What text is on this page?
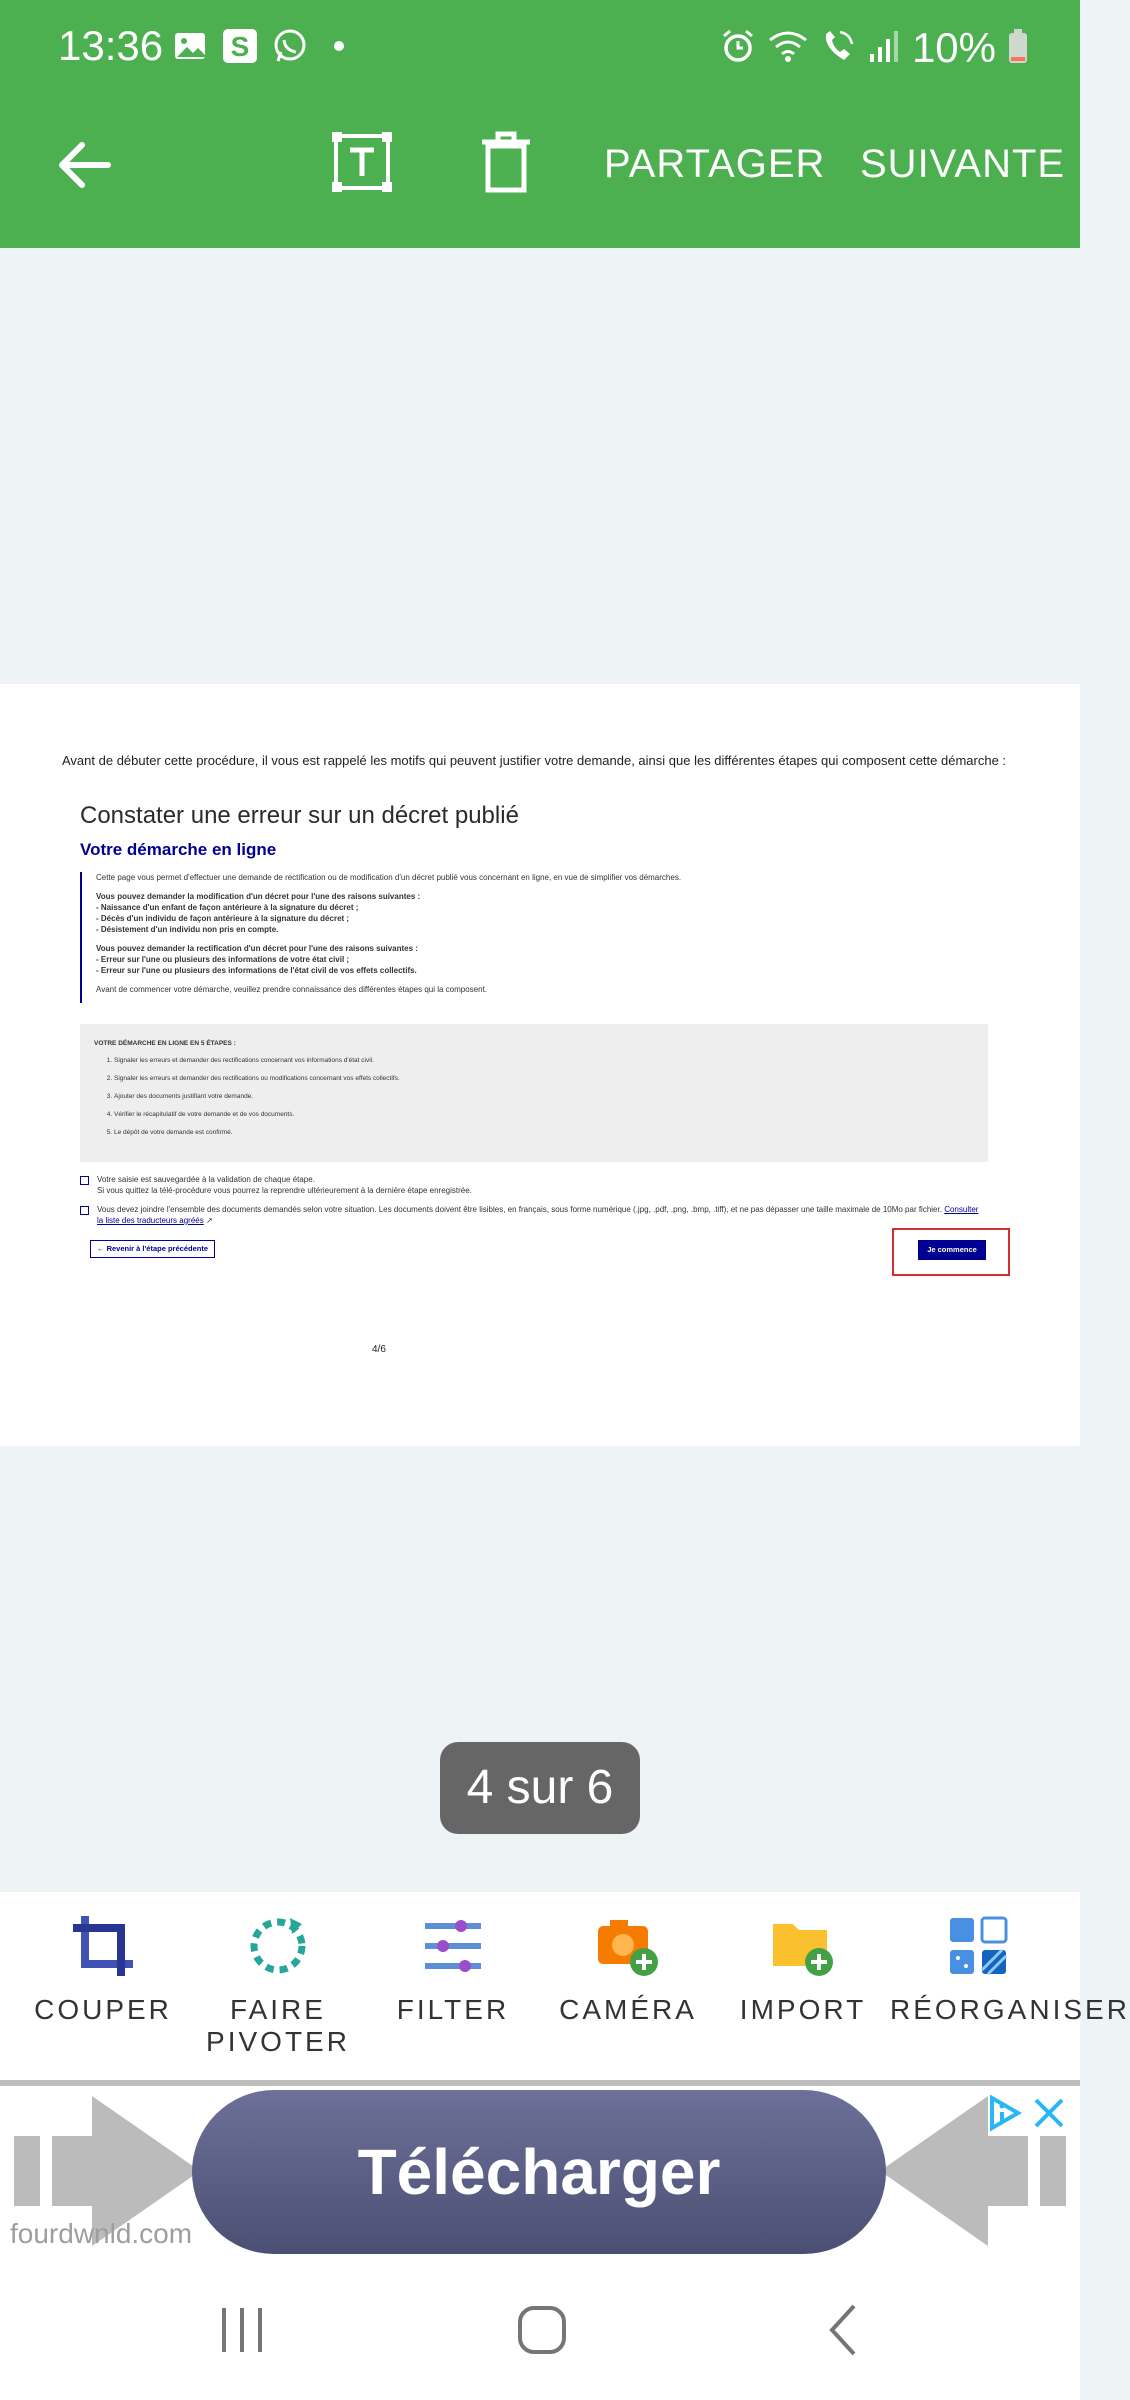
13:36 S	10%
PARTAGER SUIVANTE
Avant de débuter cette procédure, il vous est rappelé les motifs qui peuvent justifier votre demande, ainsi que les différentes étapes qui composent cette démarche :
Constater une erreur sur un décret publié
Votre démarche en ligne

Cette page vous permet d'effectuer une demande de rectification ou de modification d'un décret publié vous concernant en ligne, en vue de simplifier vos démarches.

Vous pouvez demander la modification d'un décret pour l'une des raisons suivantes :
- Naissance d'un enfant de façon antérieure à la signature du décret ;
- Décès d'un individu de façon antérieure à la signature du décret ;
- Désistement d'un individu non pris en compte.

Vous pouvez demander la rectification d'un décret pour l'une des raisons suivantes :
- Erreur sur l'une ou plusieurs des informations de votre état civil ;
- Erreur sur l'une ou plusieurs des informations de l'état civil de vos effets collectifs.

Avant de commencer votre démarche, veuillez prendre connaissance des différentes étapes qui la composent.

VOTRE DÉMARCHE EN LIGNE EN 5 ÉTAPES :
1. Signaler les erreurs et demander des rectifications concernant vos informations d'état civil.
2. Signaler les erreurs et demander des rectifications ou modifications concernant vos effets collectifs.
3. Ajouter des documents justifiant votre demande.
4. Vérifier le récapitulatif de votre demande et de vos documents.
5. Le dépôt de votre demande est confirmé.
Votre saisie est sauvegardée à la validation de chaque étape.
Si vous quittez la télé-procédure vous pourrez la reprendre ultérieurement à la dernière étape enregistrée.
Vous devez joindre l'ensemble des documents demandés selon votre situation. Les documents doivent être lisibles, en français, sous forme numérique (.jpg, .pdf, .png, .bmp, .tiff), et ne pas dépasser une taille maximale de 10Mo par fichier. Consulter la liste des traducteurs agréés ↗
← Revenir à l'étape précédente	Je commence
4/6
4 sur 6
COUPER	FAIRE PIVOTER
FILTER	CAMÉRA	IMPORT RÉORGANISER
Télécharger
fourdwnld.com
